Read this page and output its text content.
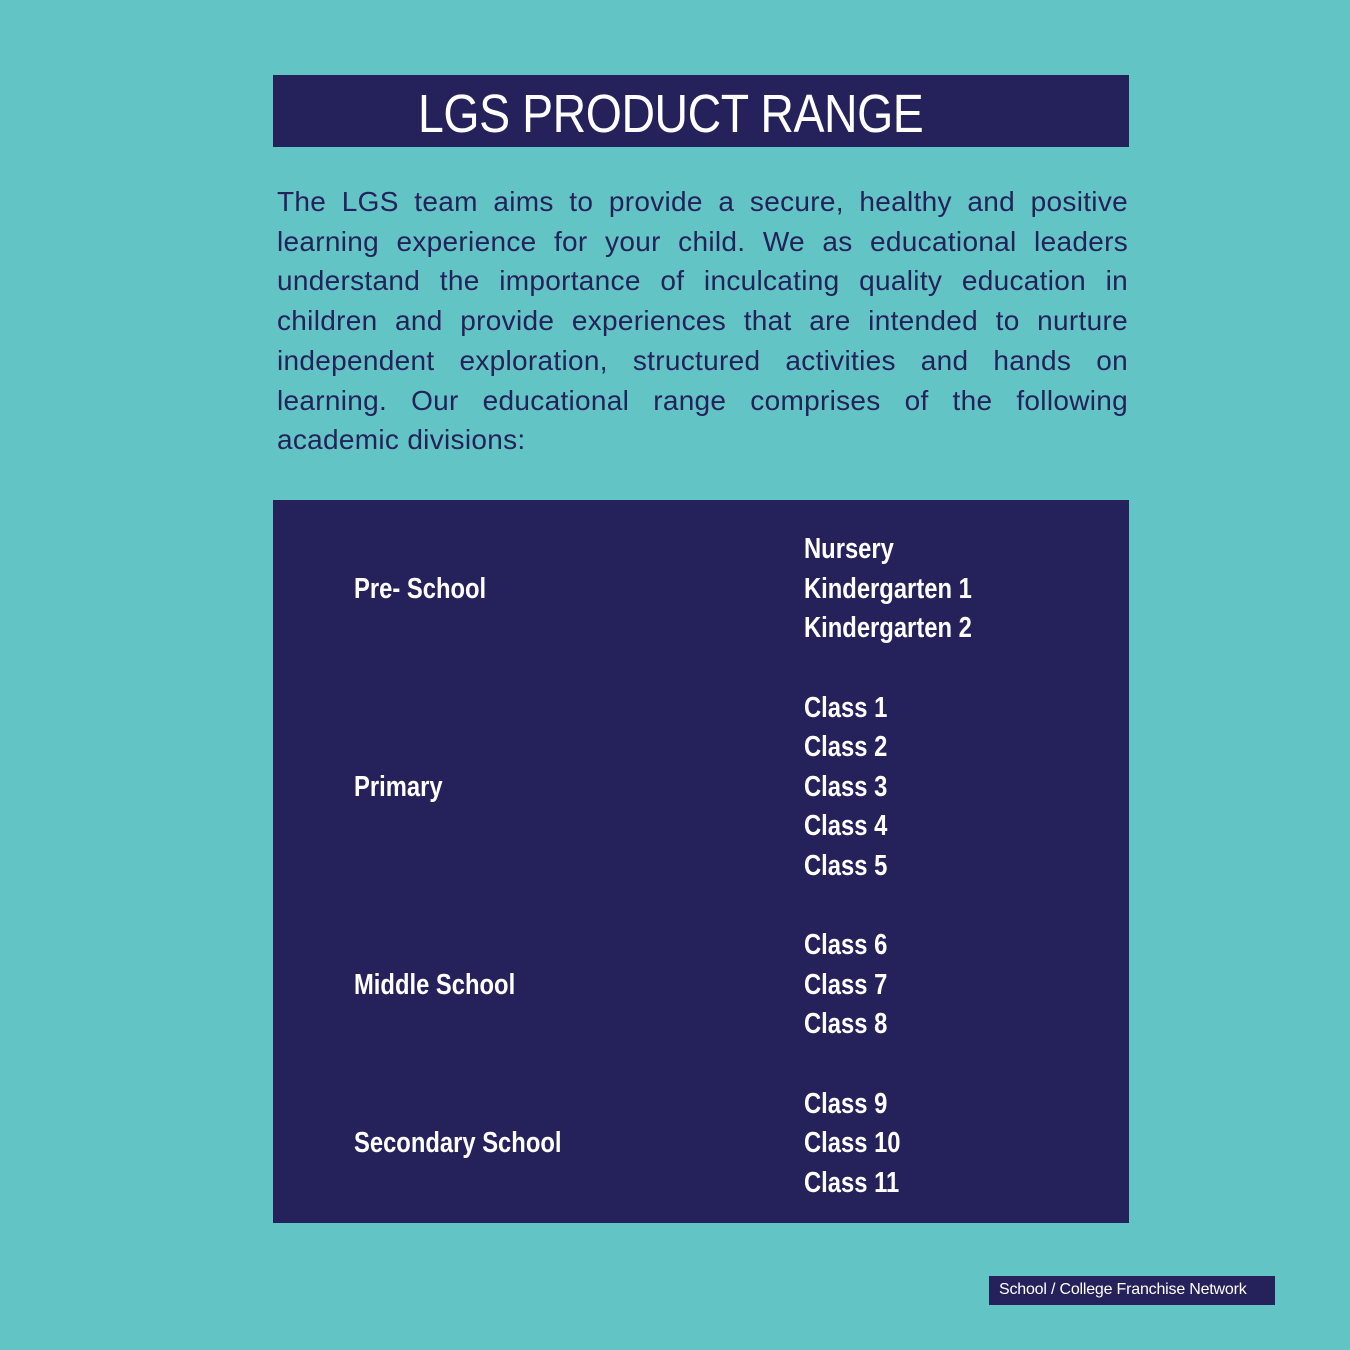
LGS PRODUCT RANGE

The LGS team aims to provide a secure, healthy and positive learning experience for your child. We as educational leaders understand the importance of inculcating quality education in children and provide experiences that are intended to nurture independent exploration, structured activities and hands on learning. Our educational range comprises of the following academic divisions:

Pre- School
Nursery
Kindergarten 1
Kindergarten 2
Primary
Class 1
Class 2
Class 3
Class 4
Class 5
Middle School
Class 6
Class 7
Class 8
Secondary School
Class 9
Class 10
Class 11
School / College Franchise Network
